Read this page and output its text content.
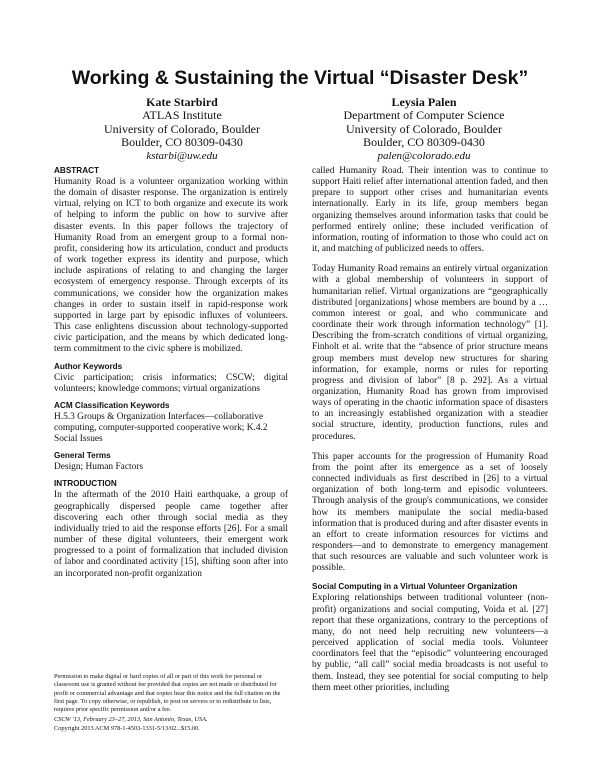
Working & Sustaining the Virtual “Disaster Desk”
Kate Starbird
ATLAS Institute
University of Colorado, Boulder
Boulder, CO 80309-0430
kstarbi@uw.edu
Leysia Palen
Department of Computer Science
University of Colorado, Boulder
Boulder, CO 80309-0430
palen@colorado.edu
ABSTRACT

Humanity Road is a volunteer organization working within the domain of disaster response. The organization is entirely virtual, relying on ICT to both organize and execute its work of helping to inform the public on how to survive after disaster events. In this paper follows the trajectory of Humanity Road from an emergent group to a formal non-profit, considering how its articulation, conduct and products of work together express its identity and purpose, which include aspirations of relating to and changing the larger ecosystem of emergency response. Through excerpts of its communications, we consider how the organization makes changes in order to sustain itself in rapid-response work supported in large part by episodic influxes of volunteers. This case enlightens discussion about technology-supported civic participation, and the means by which dedicated long-term commitment to the civic sphere is mobilized.

Author Keywords

Civic participation; crisis informatics; CSCW; digital volunteers; knowledge commons; virtual organizations

ACM Classification Keywords

H.5.3 Groups & Organization Interfaces—collaborative computing, computer-supported cooperative work; K.4.2 Social Issues

General Terms

Design; Human Factors

INTRODUCTION

In the aftermath of the 2010 Haiti earthquake, a group of geographically dispersed people came together after discovering each other through social media as they individually tried to aid the response efforts [26]. For a small number of these digital volunteers, their emergent work progressed to a point of formalization that included division of labor and coordinated activity [15], shifting soon after into an incorporated non-profit organization

Permission to make digital or hard copies of all or part of this work for personal or classroom use is granted without fee provided that copies are not made or distributed for profit or commercial advantage and that copies bear this notice and the full citation on the first page. To copy otherwise, or republish, to post on servers or to redistribute to lists, requires prior specific permission and/or a fee.

CSCW '13, February 23–27, 2013, San Antonio, Texas, USA.

Copyright 2013 ACM 978-1-4503-1331-5/13/02...$15.00.

called Humanity Road. Their intention was to continue to support Haiti relief after international attention faded, and then prepare to support other crises and humanitarian events internationally. Early in its life, group members began organizing themselves around information tasks that could be performed entirely online; these included verification of information, routing of information to those who could act on it, and matching of publicized needs to offers.

Today Humanity Road remains an entirely virtual organization with a global membership of volunteers in support of humanitarian relief. Virtual organizations are “geographically distributed [organizations] whose members are bound by a … common interest or goal, and who communicate and coordinate their work through information technology” [1]. Describing the from-scratch conditions of virtual organizing, Finholt et al. write that the “absence of prior structure means group members must develop new structures for sharing information, for example, norms or rules for reporting progress and division of labor” [8 p. 292]. As a virtual organization, Humanity Road has grown from improvised ways of operating in the chaotic information space of disasters to an increasingly established organization with a steadier social structure, identity, production functions, rules and procedures.

This paper accounts for the progression of Humanity Road from the point after its emergence as a set of loosely connected individuals as first described in [26] to a virtual organization of both long-term and episodic volunteers. Through analysis of the group's communications, we consider how its members manipulate the social media-based information that is produced during and after disaster events in an effort to create information resources for victims and responders—and to demonstrate to emergency management that such resources are valuable and such volunteer work is possible.

Social Computing in a Virtual Volunteer Organization

Exploring relationships between traditional volunteer (non-profit) organizations and social computing, Voida et al. [27] report that these organizations, contrary to the perceptions of many, do not need help recruiting new volunteers—a perceived application of social media tools. Volunteer coordinators feel that the “episodic” volunteering encouraged by public, “all call” social media broadcasts is not useful to them. Instead, they see potential for social computing to help them meet other priorities, including
